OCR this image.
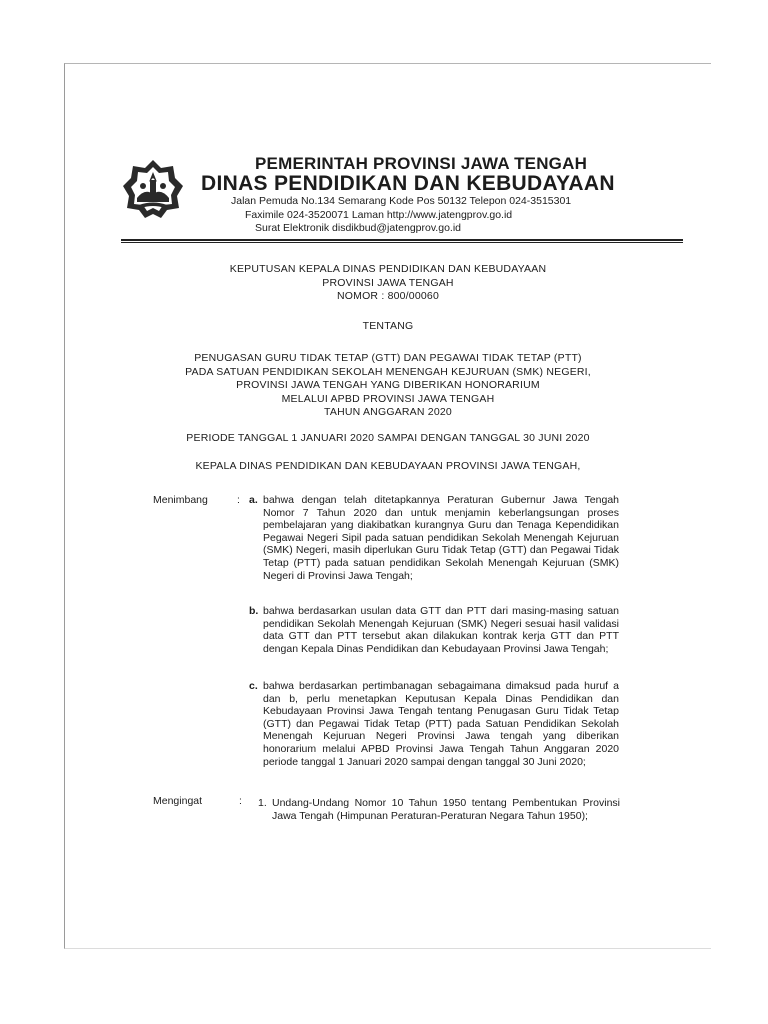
PEMERINTAH PROVINSI JAWA TENGAH
DINAS PENDIDIKAN DAN KEBUDAYAAN
Jalan Pemuda No.134 Semarang Kode Pos 50132 Telepon 024-3515301
Faximile 024-3520071 Laman http://www.jatengprov.go.id
Surat Elektronik disdikbud@jatengprov.go.id
KEPUTUSAN KEPALA DINAS PENDIDIKAN DAN KEBUDAYAAN
PROVINSI JAWA TENGAH
NOMOR : 800/00060
TENTANG
PENUGASAN GURU TIDAK TETAP (GTT) DAN PEGAWAI TIDAK TETAP (PTT)
PADA SATUAN PENDIDIKAN SEKOLAH MENENGAH KEJURUAN (SMK) NEGERI,
PROVINSI JAWA TENGAH YANG DIBERIKAN HONORARIUM
MELALUI APBD PROVINSI JAWA TENGAH
TAHUN ANGGARAN 2020
PERIODE TANGGAL 1 JANUARI 2020 SAMPAI DENGAN TANGGAL 30 JUNI 2020
KEPALA DINAS PENDIDIKAN DAN KEBUDAYAAN PROVINSI JAWA TENGAH,
Menimbang	: a. bahwa dengan telah ditetapkannya Peraturan Gubernur Jawa Tengah Nomor 7 Tahun 2020 dan untuk menjamin keberlangsungan proses pembelajaran yang diakibatkan kurangnya Guru dan Tenaga Kependidikan Pegawai Negeri Sipil pada satuan pendidikan Sekolah Menengah Kejuruan (SMK) Negeri, masih diperlukan Guru Tidak Tetap (GTT) dan Pegawai Tidak Tetap (PTT) pada satuan pendidikan Sekolah Menengah Kejuruan (SMK) Negeri di Provinsi Jawa Tengah;
b. bahwa berdasarkan usulan data GTT dan PTT dari masing-masing satuan pendidikan Sekolah Menengah Kejuruan (SMK) Negeri sesuai hasil validasi data GTT dan PTT tersebut akan dilakukan kontrak kerja GTT dan PTT dengan Kepala Dinas Pendidikan dan Kebudayaan Provinsi Jawa Tengah;
c. bahwa berdasarkan pertimbanagan sebagaimana dimaksud pada huruf a dan b, perlu menetapkan Keputusan Kepala Dinas Pendidikan dan Kebudayaan Provinsi Jawa Tengah tentang Penugasan Guru Tidak Tetap (GTT) dan Pegawai Tidak Tetap (PTT) pada Satuan Pendidikan Sekolah Menengah Kejuruan Negeri Provinsi Jawa tengah yang diberikan honorarium melalui APBD Provinsi Jawa Tengah Tahun Anggaran 2020 periode tanggal 1 Januari 2020 sampai dengan tanggal 30 Juni 2020;
Mengingat	: 1. Undang-Undang Nomor 10 Tahun 1950 tentang Pembentukan Provinsi Jawa Tengah (Himpunan Peraturan-Peraturan Negara Tahun 1950);
